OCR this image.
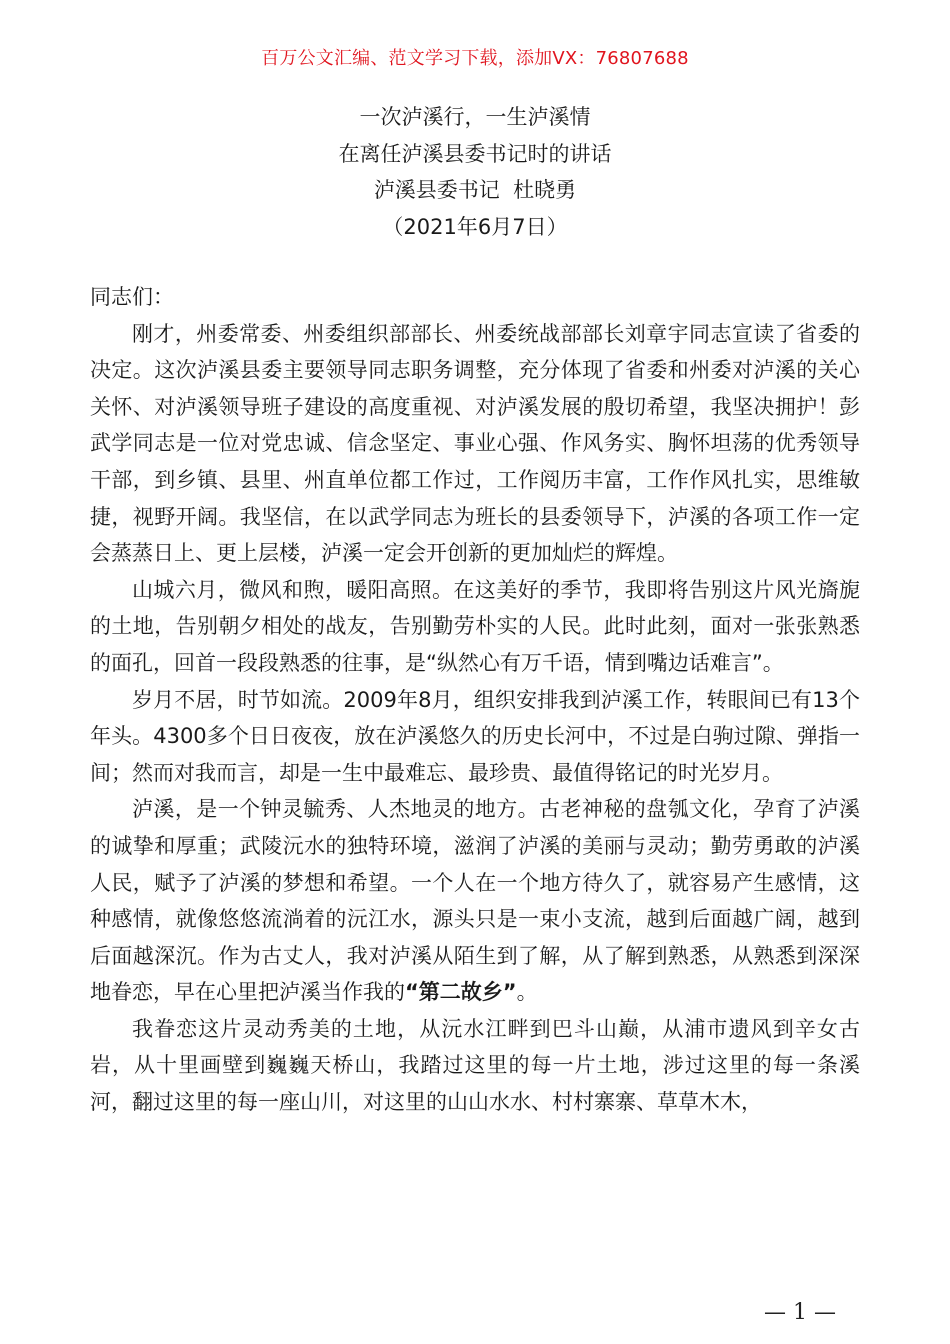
百万公文汇编、范文学习下载，添加VX：76807688
一次泸溪行，一生泸溪情
在离任泸溪县委书记时的讲话
泸溪县委书记  杜晓勇
（2021年6月7日）

同志们：

刚才，州委常委、州委组织部部长、州委统战部部长刘章宇同志宣读了省委的决定。这次泸溪县委主要领导同志职务调整，充分体现了省委和州委对泸溪的关心关怀、对泸溪领导班子建设的高度重视、对泸溪发展的殷切希望，我坚决拥护！彭武学同志是一位对党忠诚、信念坚定、事业心强、作风务实、胸怀坦荡的优秀领导干部，到乡镇、县里、州直单位都工作过，工作阅历丰富，工作作风扎实，思维敏捷，视野开阔。我坚信，在以武学同志为班长的县委领导下，泸溪的各项工作一定会蒸蒸日上、更上层楼，泸溪一定会开创新的更加灿烂的辉煌。

山城六月，微风和煦，暖阳高照。在这美好的季节，我即将告别这片风光旖旎的土地，告别朝夕相处的战友，告别勤劳朴实的人民。此时此刻，面对一张张熟悉的面孔，回首一段段熟悉的往事，是“纵然心有万千语，情到嘴边话难言”。

岁月不居，时节如流。2009年8月，组织安排我到泸溪工作，转眼间已有13个年头。4300多个日日夜夜，放在泸溪悠久的历史长河中，不过是白驹过隙、弹指一间；然而对我而言，却是一生中最难忘、最珍贵、最值得铭记的时光岁月。

泸溪，是一个钟灵毓秀、人杰地灵的地方。古老神秘的盘瓠文化，孕育了泸溪的诚挚和厚重；武陵沅水的独特环境，滋润了泸溪的美丽与灵动；勤劳勇敢的泸溪人民，赋予了泸溪的梦想和希望。一个人在一个地方待久了，就容易产生感情，这种感情，就像悠悠流淌着的沅江水，源头只是一束小支流，越到后面越广阔，越到后面越深沉。作为古丈人，我对泸溪从陌生到了解，从了解到熟悉，从熟悉到深深地眷恋，早在心里把泸溪当作我的“第二故乡”。

我眷恋这片灵动秀美的土地，从沅水江畔到巴斗山巅，从浦市遗风到辛女古岩，从十里画壁到巍巍天桥山，我踏过这里的每一片土地，涉过这里的每一条溪河，翻过这里的每一座山川，对这里的山山水水、村村寨寨、草草木木，

— 1 —
